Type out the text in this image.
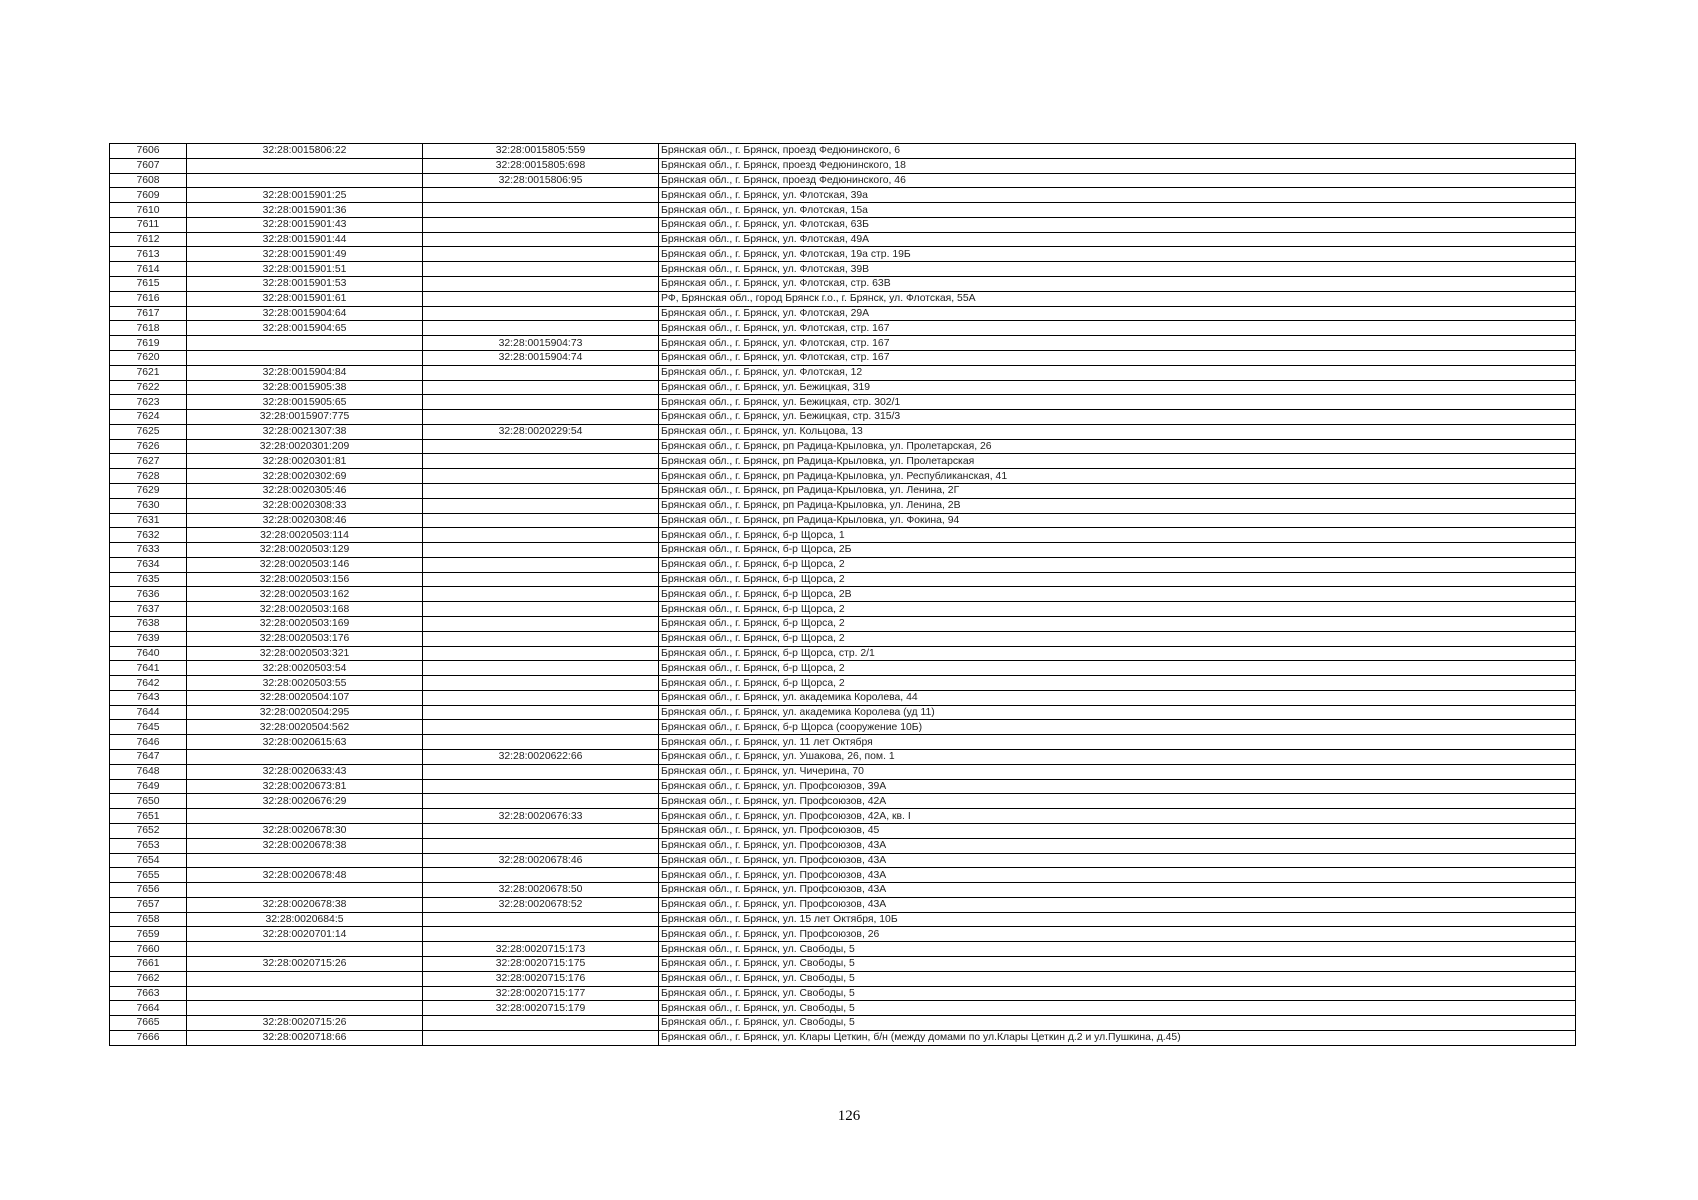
7606	32:28:0015806:22	32:28:0015805:559	Брянская обл., г. Брянск, проезд Федюнинского, 6
7607		32:28:0015805:698	Брянская обл., г. Брянск, проезд Федюнинского, 18
7608		32:28:0015806:95	Брянская обл., г. Брянск, проезд Федюнинского, 46
7609	32:28:0015901:25		Брянская обл., г. Брянск, ул. Флотская, 39а
7610	32:28:0015901:36		Брянская обл., г. Брянск, ул. Флотская, 15а
7611	32:28:0015901:43		Брянская обл., г. Брянск, ул. Флотская, 63Б
7612	32:28:0015901:44		Брянская обл., г. Брянск, ул. Флотская, 49А
7613	32:28:0015901:49		Брянская обл., г. Брянск, ул. Флотская, 19а стр. 19Б
7614	32:28:0015901:51		Брянская обл., г. Брянск, ул. Флотская, 39В
7615	32:28:0015901:53		Брянская обл., г. Брянск, ул. Флотская, стр. 63В
7616	32:28:0015901:61		РФ, Брянская обл., город Брянск г.о., г. Брянск, ул. Флотская, 55А
7617	32:28:0015904:64		Брянская обл., г. Брянск, ул. Флотская, 29А
7618	32:28:0015904:65		Брянская обл., г. Брянск, ул. Флотская, стр. 167
7619		32:28:0015904:73	Брянская обл., г. Брянск, ул. Флотская, стр. 167
7620		32:28:0015904:74	Брянская обл., г. Брянск, ул. Флотская, стр. 167
7621	32:28:0015904:84		Брянская обл., г. Брянск, ул. Флотская, 12
7622	32:28:0015905:38		Брянская обл., г. Брянск, ул. Бежицкая, 319
7623	32:28:0015905:65		Брянская обл., г. Брянск, ул. Бежицкая, стр. 302/1
7624	32:28:0015907:775		Брянская обл., г. Брянск, ул. Бежицкая, стр. 315/3
7625	32:28:0021307:38	32:28:0020229:54	Брянская обл., г. Брянск, ул. Кольцова, 13
7626	32:28:0020301:209		Брянская обл., г. Брянск, рп Радица-Крыловка, ул. Пролетарская, 26
7627	32:28:0020301:81		Брянская обл., г. Брянск, рп Радица-Крыловка, ул. Пролетарская
7628	32:28:0020302:69		Брянская обл., г. Брянск, рп Радица-Крыловка, ул. Республиканская, 41
7629	32:28:0020305:46		Брянская обл., г. Брянск, рп Радица-Крыловка, ул. Ленина, 2Г
7630	32:28:0020308:33		Брянская обл., г. Брянск, рп Радица-Крыловка, ул. Ленина, 2В
7631	32:28:0020308:46		Брянская обл., г. Брянск, рп Радица-Крыловка, ул. Фокина, 94
7632	32:28:0020503:114		Брянская обл., г. Брянск, б-р Щорса, 1
7633	32:28:0020503:129		Брянская обл., г. Брянск, б-р Щорса, 2Б
7634	32:28:0020503:146		Брянская обл., г. Брянск, б-р Щорса, 2
7635	32:28:0020503:156		Брянская обл., г. Брянск, б-р Щорса, 2
7636	32:28:0020503:162		Брянская обл., г. Брянск, б-р Щорса, 2В
7637	32:28:0020503:168		Брянская обл., г. Брянск, б-р Щорса, 2
7638	32:28:0020503:169		Брянская обл., г. Брянск, б-р Щорса, 2
7639	32:28:0020503:176		Брянская обл., г. Брянск, б-р Щорса, 2
7640	32:28:0020503:321		Брянская обл., г. Брянск, б-р Щорса, стр. 2/1
7641	32:28:0020503:54		Брянская обл., г. Брянск, б-р Щорса, 2
7642	32:28:0020503:55		Брянская обл., г. Брянск, б-р Щорса, 2
7643	32:28:0020504:107		Брянская обл., г. Брянск, ул. академика Королева, 44
7644	32:28:0020504:295		Брянская обл., г. Брянск, ул. академика Королева (уд 11)
7645	32:28:0020504:562		Брянская обл., г. Брянск, б-р Щорса (сооружение 10Б)
7646	32:28:0020615:63		Брянская обл., г. Брянск, ул. 11 лет Октября
7647		32:28:0020622:66	Брянская обл., г. Брянск, ул. Ушакова, 26, пом. 1
7648	32:28:0020633:43		Брянская обл., г. Брянск, ул. Чичерина, 70
7649	32:28:0020673:81		Брянская обл., г. Брянск, ул. Профсоюзов, 39А
7650	32:28:0020676:29		Брянская обл., г. Брянск, ул. Профсоюзов, 42А
7651		32:28:0020676:33	Брянская обл., г. Брянск, ул. Профсоюзов, 42А, кв. I
7652	32:28:0020678:30		Брянская обл., г. Брянск, ул. Профсоюзов, 45
7653	32:28:0020678:38		Брянская обл., г. Брянск, ул. Профсоюзов, 43А
7654		32:28:0020678:46	Брянская обл., г. Брянск, ул. Профсоюзов, 43А
7655	32:28:0020678:48		Брянская обл., г. Брянск, ул. Профсоюзов, 43А
7656		32:28:0020678:50	Брянская обл., г. Брянск, ул. Профсоюзов, 43А
7657	32:28:0020678:38	32:28:0020678:52	Брянская обл., г. Брянск, ул. Профсоюзов, 43А
7658	32:28:0020684:5		Брянская обл., г. Брянск, ул. 15 лет Октября, 10Б
7659	32:28:0020701:14		Брянская обл., г. Брянск, ул. Профсоюзов, 26
7660		32:28:0020715:173	Брянская обл., г. Брянск, ул. Свободы, 5
7661	32:28:0020715:26	32:28:0020715:175	Брянская обл., г. Брянск, ул. Свободы, 5
7662		32:28:0020715:176	Брянская обл., г. Брянск, ул. Свободы, 5
7663		32:28:0020715:177	Брянская обл., г. Брянск, ул. Свободы, 5
7664		32:28:0020715:179	Брянская обл., г. Брянск, ул. Свободы, 5
7665	32:28:0020715:26		Брянская обл., г. Брянск, ул. Свободы, 5
7666	32:28:0020718:66		Брянская обл., г. Брянск, ул. Клары Цеткин, б/н (между домами по ул.Клары Цеткин д.2 и ул.Пушкина, д.45)
126
